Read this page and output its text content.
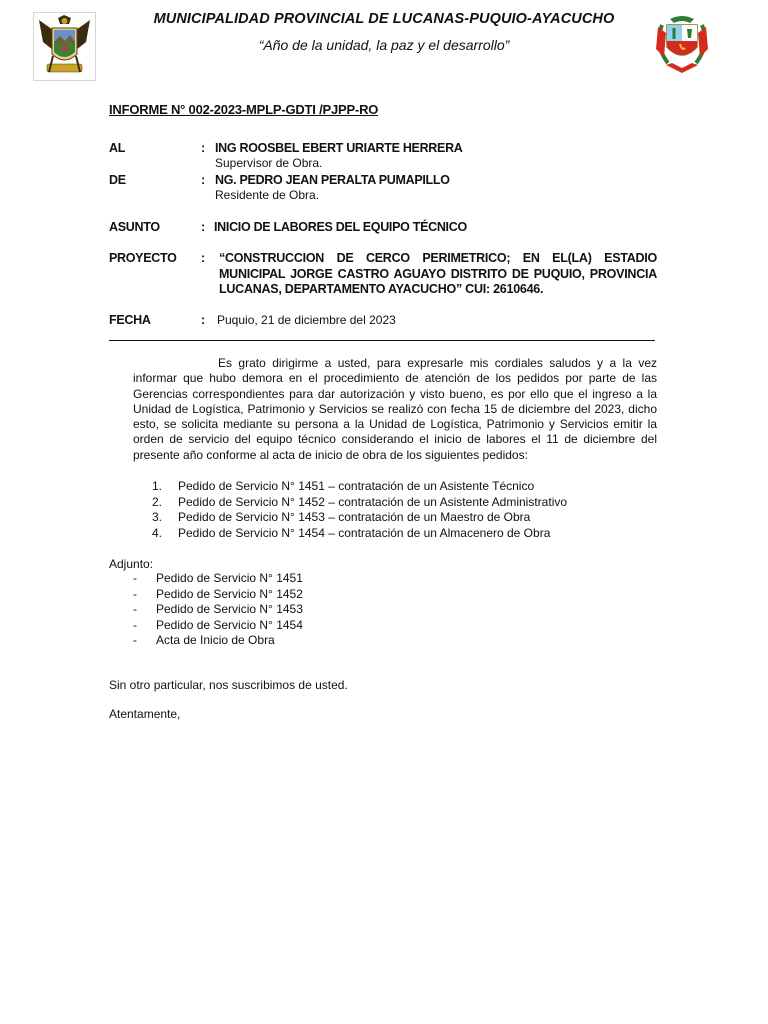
MUNICIPALIDAD PROVINCIAL DE LUCANAS-PUQUIO-AYACUCHO
“Año de la unidad, la paz y el desarrollo”
INFORME N° 002-2023-MPLP-GDTI /PJPP-RO
AL	: ING ROOSBEL EBERT URIARTE HERRERA
Supervisor de Obra.
DE	: NG. PEDRO JEAN PERALTA PUMAPILLO
Residente de Obra.
ASUNTO	: INICIO DE LABORES DEL EQUIPO TÉCNICO
PROYECTO : “CONSTRUCCION DE CERCO PERIMETRICO; EN EL(LA) ESTADIO MUNICIPAL JORGE CASTRO AGUAYO DISTRITO DE PUQUIO, PROVINCIA LUCANAS, DEPARTAMENTO AYACUCHO” CUI: 2610646.
FECHA	: Puquio, 21 de diciembre del 2023

Es grato dirigirme a usted, para expresarle mis cordiales saludos y a la vez informar que hubo demora en el procedimiento de atención de los pedidos por parte de las Gerencias correspondientes para dar autorización y visto bueno, es por ello que el ingreso a la Unidad de Logística, Patrimonio y Servicios se realizó con fecha 15 de diciembre del 2023, dicho esto, se solicita mediante su persona a la Unidad de Logística, Patrimonio y Servicios emitir la orden de servicio del equipo técnico considerando el inicio de labores el 11 de diciembre del presente año conforme al acta de inicio de obra de los siguientes pedidos:

1. Pedido de Servicio N° 1451 – contratación de un Asistente Técnico
2. Pedido de Servicio N° 1452 – contratación de un Asistente Administrativo
3. Pedido de Servicio N° 1453 – contratación de un Maestro de Obra
4. Pedido de Servicio N° 1454 – contratación de un Almacenero de Obra
Adjunto:
- Pedido de Servicio N° 1451
- Pedido de Servicio N° 1452
- Pedido de Servicio N° 1453
- Pedido de Servicio N° 1454
- Acta de Inicio de Obra
Sin otro particular, nos suscribimos de usted.
Atentamente,
